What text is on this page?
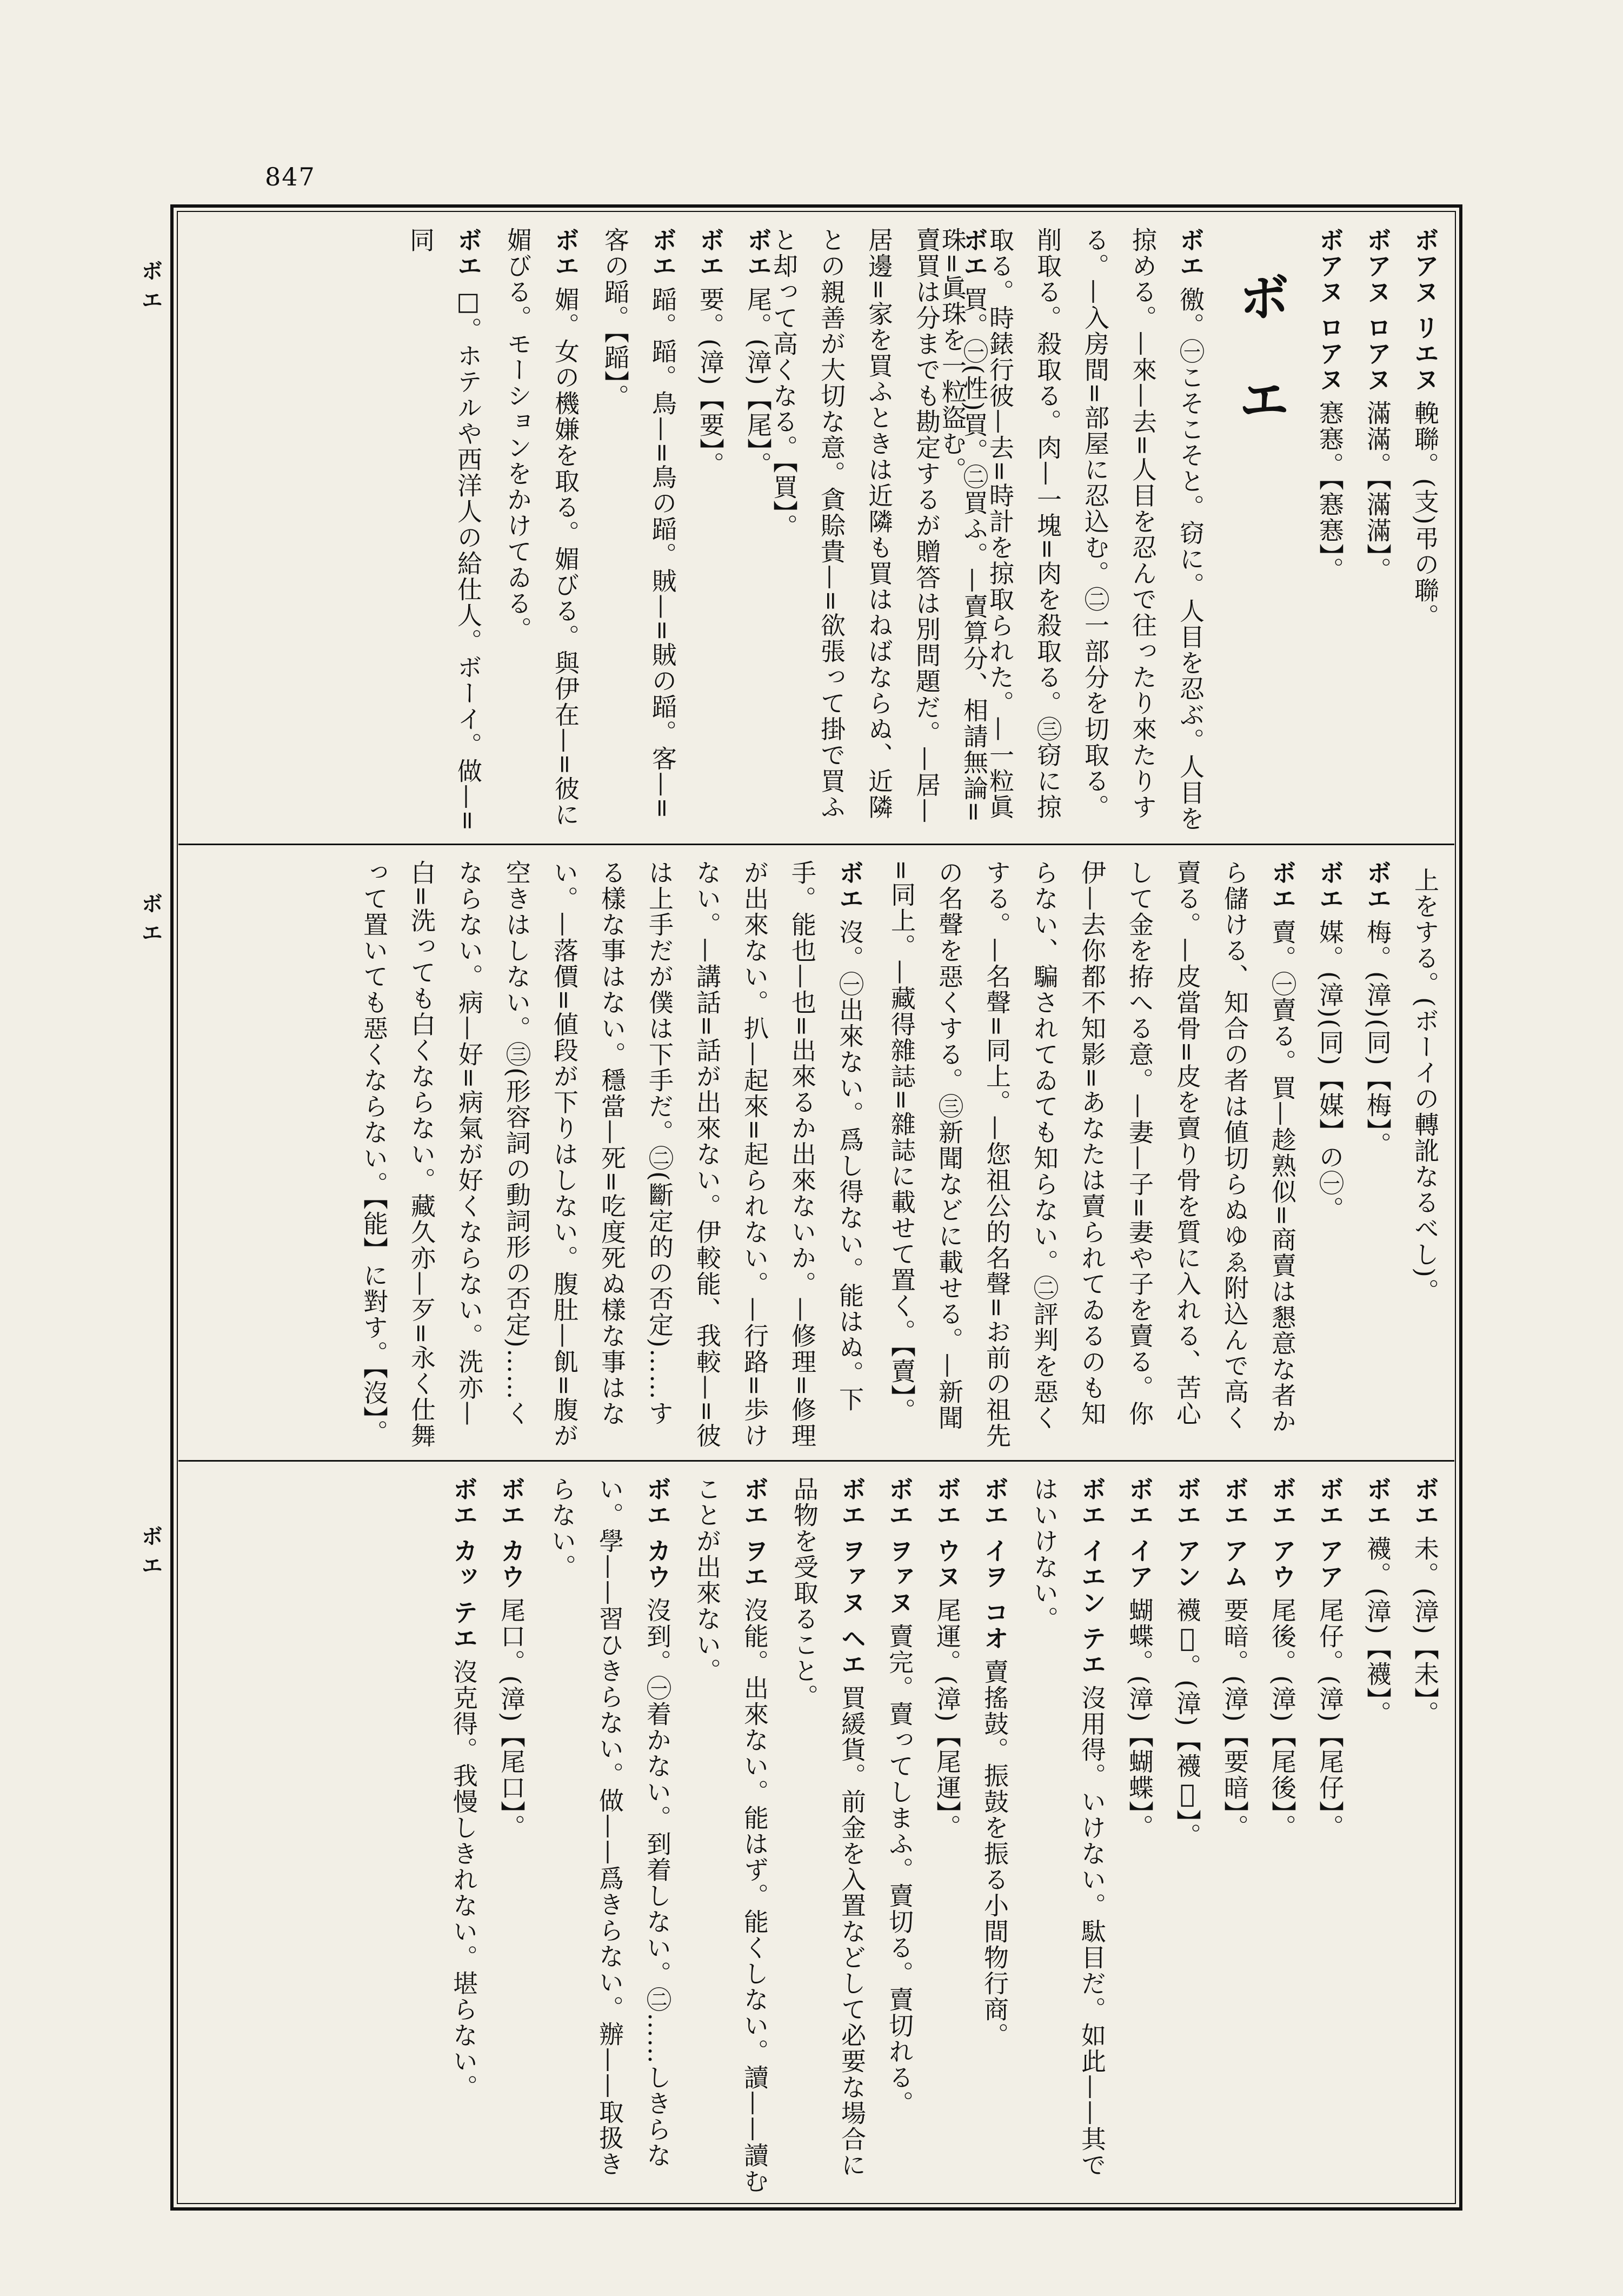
847
ボ エ
ボ エ
ボ エ
ボアヌ リエヌ輓聯。(支)弔の聯。
ボアヌ ロアヌ滿滿。【滿滿】。
ボアヌ ロアヌ㥶㥶。【㥶㥶】。
ボ エ
ボエ徼。㊀こそこそと。窃に。人目を忍ぶ。人目を掠める。—來—去=人目を忍んで往ったり來たりする。—入房間=部屋に忍込む。㊁一部分を切取る。削取る。殺取る。肉—一塊=肉を殺取る。㊂窃に掠取る。時錶行彼—去=時計を掠取られた。—一粒眞珠=眞珠を一粒盜む。
ボエ買。㊀(性)買。㊁買ふ。—賣算分、相請無論=賣買は分までも勘定するが贈答は別問題だ。—居—居邊=家を買ふときは近隣も買はねばならぬ、近隣との親善が大切な意。貪賒貴—=欲張って掛で買ふと却って高くなる。【買】。
ボエ尾。(漳)【尾】。
ボエ要。(漳)【要】。
ボエ𨂻。𨂻。鳥—=鳥の𨂻。賊—=賊の𨂻。客—=客の𨂻。【𨂻】。
ボエ媚。女の機嫌を取る。媚びる。與伊在—=彼に媚びる。モーションをかけてゐる。
ボエ□。ホテルや西洋人の給仕人。ボーイ。做—=同
上をする。(ボーイの轉訛なるべし)。
ボエ梅。(漳)(同)【梅】。
ボエ媒。(漳)(同)【媒】の㊀。
ボエ賣。㊀賣る。買—趁熟似=商賣は懇意な者から儲ける、知合の者は値切らぬゆゑ附込んで高く賣る。—皮當骨=皮を賣り骨を質に入れる、苦心して金を拵へる意。—妻—子=妻や子を賣る。你伊—去你都不知影=あなたは賣られてゐるのも知らない、騙されてゐても知らない。㊁評判を惡くする。—名聲=同上。—您祖公的名聲=お前の祖先の名聲を惡くする。㊂新聞などに載せる。—新聞=同上。—藏得雜誌=雜誌に載せて置く。【賣】。
ボエ沒。㊀出來ない。爲し得ない。能はぬ。下手。能也—也=出來るか出來ないか。—修理=修理が出來ない。扒—起來=起られない。—行路=歩けない。—講話=話が出來ない。伊較能、我較—=彼は上手だが僕は下手だ。㊁(斷定的の否定)……する樣な事はない。穩當—死=吃度死ぬ樣な事はない。—落價=値段が下りはしない。腹肚—飢=腹が空きはしない。㊂(形容詞の動詞形の否定)……くならない。病—好=病氣が好くならない。洗亦—白=洗っても白くならない。藏久亦—歹=永く仕舞って置いても惡くならない。【能】に對す。【沒】。
ボエ未。(漳)【未】。
ボエ襪。(漳)【襪】。
ボエ アア尾仔。(漳)【尾仔】。
ボエ アウ尾後。(漳)【尾後】。
ボエ アム要暗。(漳)【要暗】。
ボエ アン襪𢅣。(漳)【襪𢅣】。
ボエ イア蝴蝶。(漳)【蝴蝶】。
ボエ イエン テエ沒用得。いけない。駄目だ。如此——其ではいけない。
ボエ イヲ コオ賣搖鼓。振鼓を振る小間物行商。
ボエ ウヌ尾運。(漳)【尾運】。
ボエ ヲァヌ賣完。賣ってしまふ。賣切る。賣切れる。
ボエ ヲァヌ ヘエ買緩貨。前金を入置などして必要な場合に品物を受取ること。
ボエ ヲエ沒能。出來ない。能はず。能くしない。讀——讀むことが出來ない。
ボエ カウ沒到。㊀着かない。到着しない。㊁……しきらない。學——習ひきらない。做——爲きらない。辦——取扱きらない。
ボエ カウ尾口。(漳)【尾口】。
ボエ カッ テエ沒克得。我慢しきれない。堪らない。
